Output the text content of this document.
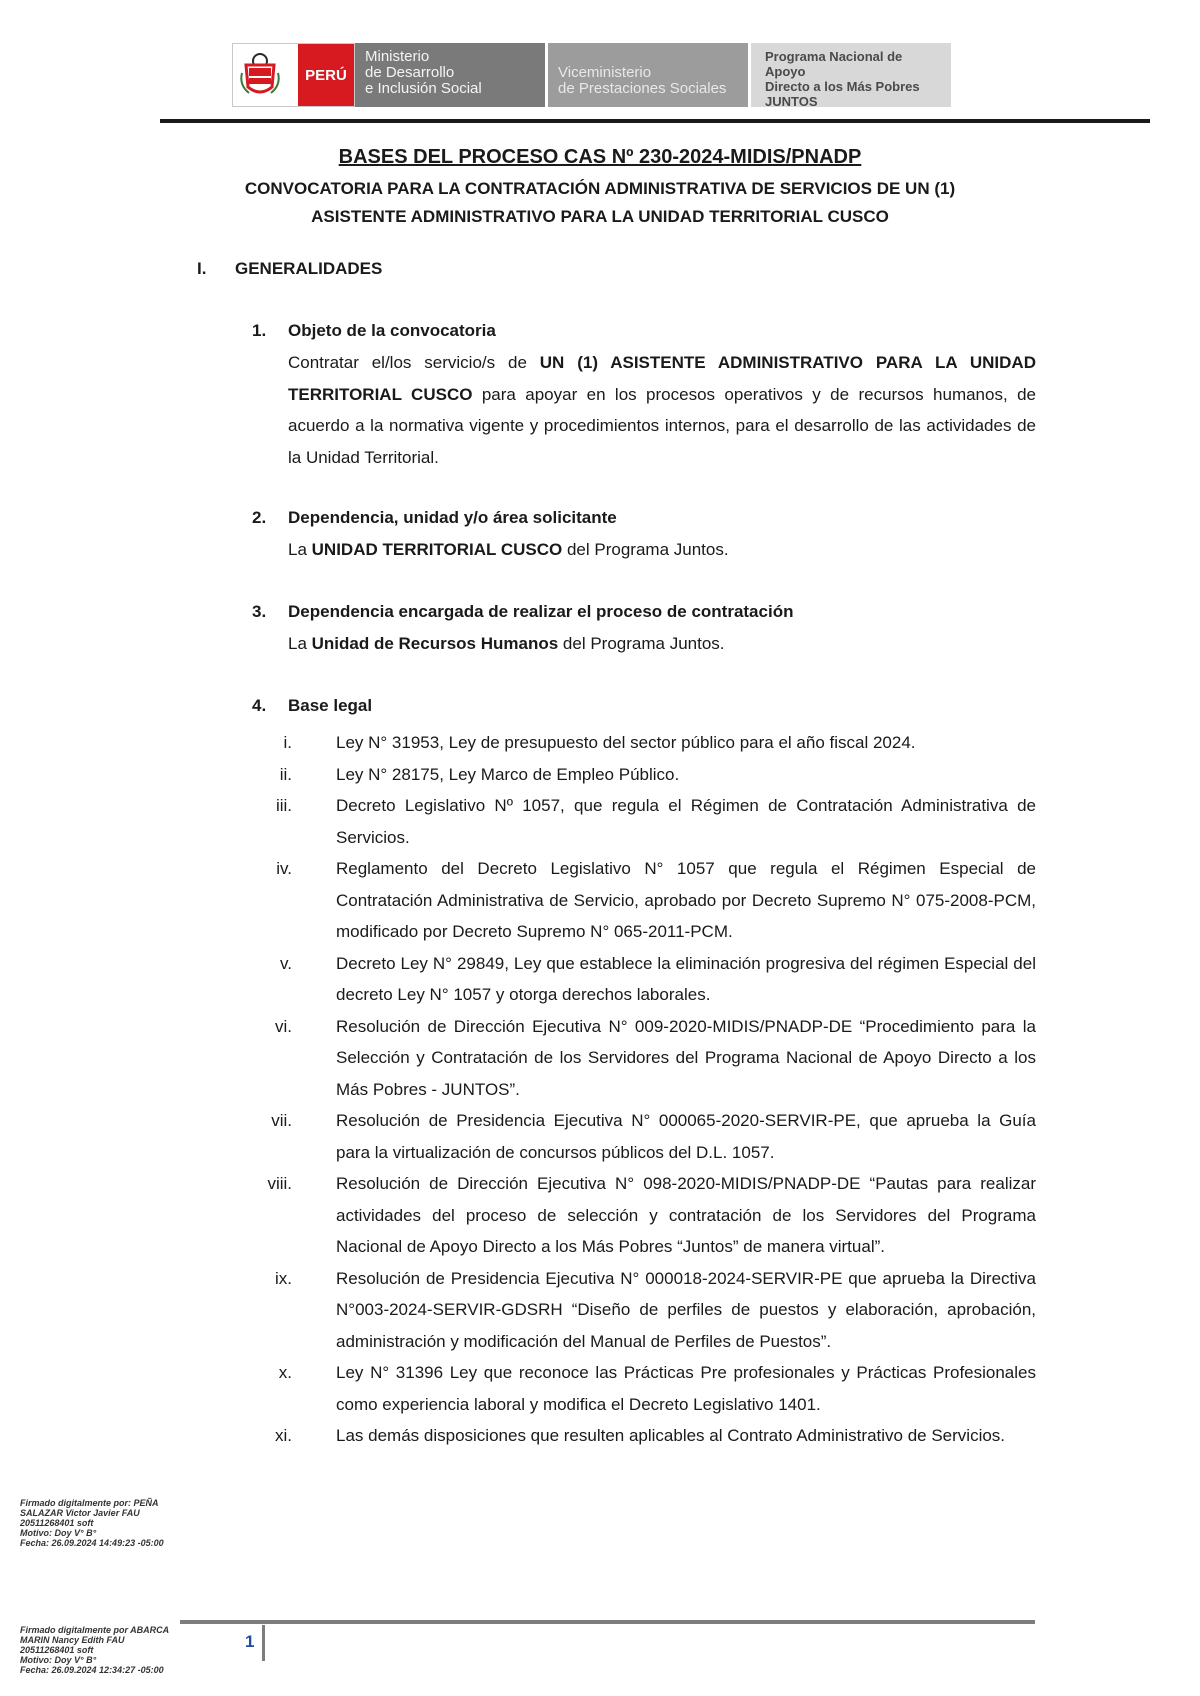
PERÚ
Ministerio
de Desarrollo
e Inclusión Social
Viceministerio
de Prestaciones Sociales
Programa Nacional de Apoyo
Directo a los Más Pobres
JUNTOS
BASES DEL PROCESO CAS Nº 230-2024-MIDIS/PNADP
CONVOCATORIA PARA LA CONTRATACIÓN ADMINISTRATIVA DE SERVICIOS DE UN (1)
ASISTENTE ADMINISTRATIVO PARA LA UNIDAD TERRITORIAL CUSCO
I. GENERALIDADES
1. Objeto de la convocatoria
Contratar el/los servicio/s de UN (1) ASISTENTE ADMINISTRATIVO PARA LA UNIDAD TERRITORIAL CUSCO para apoyar en los procesos operativos y de recursos humanos, de acuerdo a la normativa vigente y procedimientos internos, para el desarrollo de las actividades de la Unidad Territorial.
2. Dependencia, unidad y/o área solicitante
La UNIDAD TERRITORIAL CUSCO del Programa Juntos.
3. Dependencia encargada de realizar el proceso de contratación
La Unidad de Recursos Humanos del Programa Juntos.
4. Base legal
i.	Ley N° 31953, Ley de presupuesto del sector público para el año fiscal 2024.
ii.	Ley N° 28175, Ley Marco de Empleo Público.
iii.	Decreto Legislativo Nº 1057, que regula el Régimen de Contratación Administrativa de Servicios.
iv.	Reglamento del Decreto Legislativo N° 1057 que regula el Régimen Especial de Contratación Administrativa de Servicio, aprobado por Decreto Supremo N° 075-2008-PCM, modificado por Decreto Supremo N° 065-2011-PCM.
v.	Decreto Ley N° 29849, Ley que establece la eliminación progresiva del régimen Especial del decreto Ley N° 1057 y otorga derechos laborales.
vi.	Resolución de Dirección Ejecutiva N° 009-2020-MIDIS/PNADP-DE “Procedimiento para la Selección y Contratación de los Servidores del Programa Nacional de Apoyo Directo a los Más Pobres - JUNTOS”.
vii.	Resolución de Presidencia Ejecutiva N° 000065-2020-SERVIR-PE, que aprueba la Guía para la virtualización de concursos públicos del D.L. 1057.
viii.	Resolución de Dirección Ejecutiva N° 098-2020-MIDIS/PNADP-DE “Pautas para realizar actividades del proceso de selección y contratación de los Servidores del Programa Nacional de Apoyo Directo a los Más Pobres “Juntos” de manera virtual”.
ix.	Resolución de Presidencia Ejecutiva N° 000018-2024-SERVIR-PE que aprueba la Directiva N°003-2024-SERVIR-GDSRH “Diseño de perfiles de puestos y elaboración, aprobación, administración y modificación del Manual de Perfiles de Puestos”.
x.	Ley N° 31396 Ley que reconoce las Prácticas Pre profesionales y Prácticas Profesionales como experiencia laboral y modifica el Decreto Legislativo 1401.
xi.	Las demás disposiciones que resulten aplicables al Contrato Administrativo de Servicios.
Firmado digitalmente por: PEÑA
SALAZAR Victor Javier FAU
20511268401 soft
Motivo: Doy V° B°
Fecha: 26.09.2024 14:49:23 -05:00
Firmado digitalmente por ABARCA
MARIN Nancy Edith FAU
20511268401 soft
Motivo: Doy V° B°
Fecha: 26.09.2024 12:34:27 -05:00
1
